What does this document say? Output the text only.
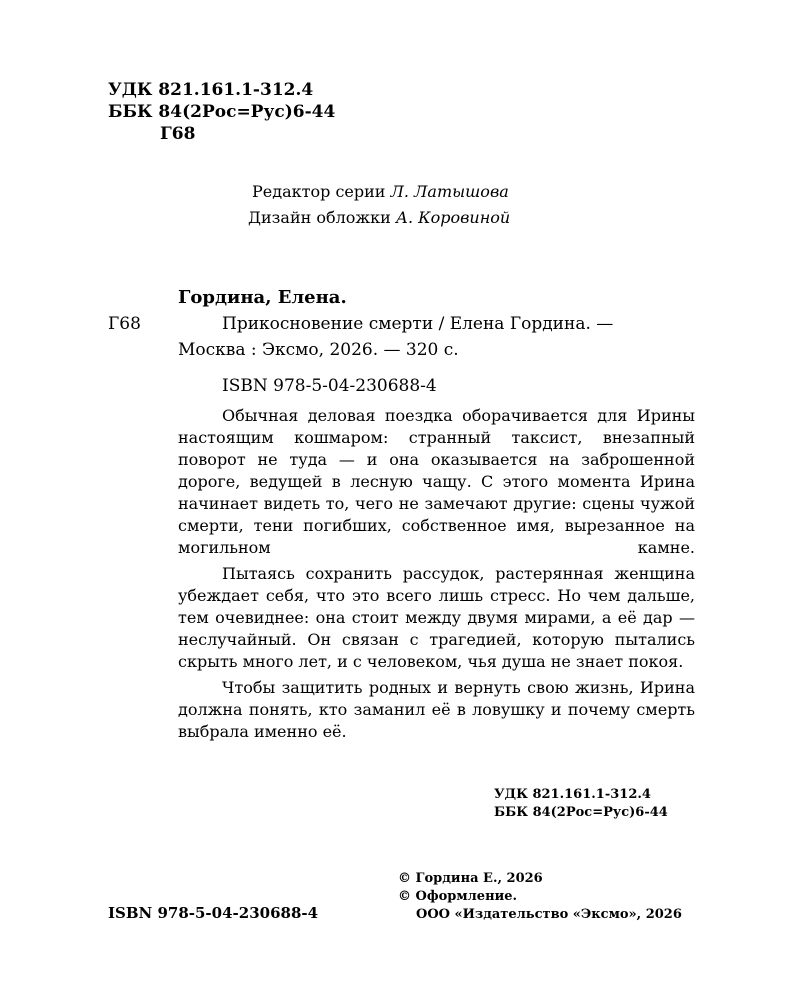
УДК 821.161.1-312.4
ББК 84(2Рос=Рус)6-44
Г68
Редактор серии Л. Латышова
Дизайн обложки А. Коровиной
Гордина, Елена.
Г68	Прикосновение смерти / Елена Гордина. —
Москва : Эксмо, 2026. — 320 с.
ISBN 978-5-04-230688-4

Обычная деловая поездка оборачивается для Ирины настоящим кошмаром: странный таксист, внезапный поворот не туда — и она оказывается на заброшенной дороге, ведущей в лесную чащу. С этого момента Ирина начинает видеть то, чего не замечают другие: сцены чужой смерти, тени погибших, собственное имя, вырезанное на могильном камне.

Пытаясь сохранить рассудок, растерянная женщина убеждает себя, что это всего лишь стресс. Но чем дальше, тем очевиднее: она стоит между двумя мирами, а её дар — неслучайный. Он связан с трагедией, которую пытались скрыть много лет, и с человеком, чья душа не знает покоя.

Чтобы защитить родных и вернуть свою жизнь, Ирина должна понять, кто заманил её в ловушку и почему смерть выбрала именно её.

УДК 821.161.1-312.4
ББК 84(2Рос=Рус)6-44
© Гордина Е., 2026
© Оформление.
ООО «Издательство «Эксмо», 2026
ISBN 978-5-04-230688-4
